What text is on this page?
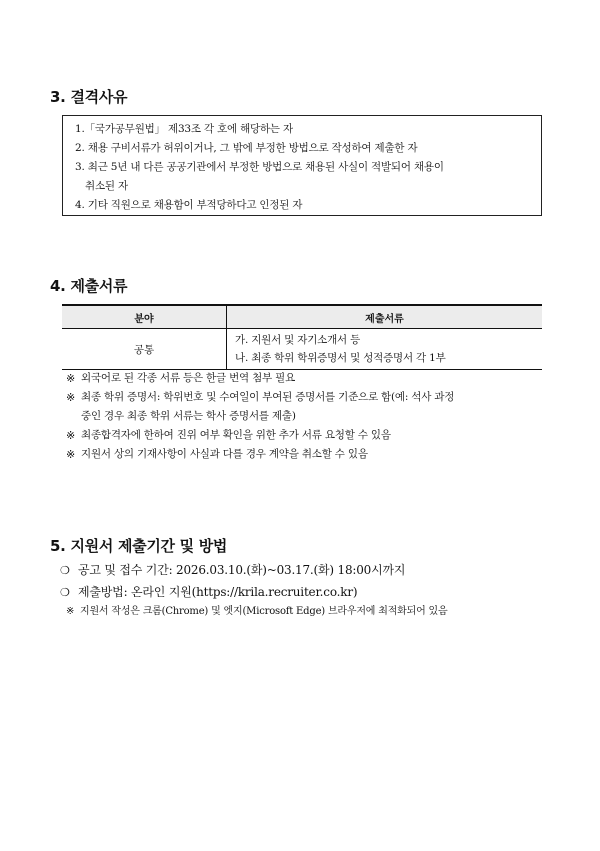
3. 결격사유
1.「국가공무원법」 제33조 각 호에 해당하는 자
2. 채용 구비서류가 허위이거나, 그 밖에 부정한 방법으로 작성하여 제출한 자
3. 최근 5년 내 다른 공공기관에서 부정한 방법으로 채용된 사실이 적발되어 채용이
취소된 자
4. 기타 직원으로 채용함이 부적당하다고 인정된 자
4. 제출서류
분야	제출서류
공통	가. 지원서 및 자기소개서 등
나. 최종 학위 학위증명서 및 성적증명서 각 1부
※ 외국어로 된 각종 서류 등은 한글 번역 첨부 필요
※ 최종 학위 증명서: 학위번호 및 수여일이 부여된 증명서를 기준으로 함(예: 석사 과정
중인 경우 최종 학위 서류는 학사 증명서를 제출)
※ 최종합격자에 한하여 진위 여부 확인을 위한 추가 서류 요청할 수 있음
※ 지원서 상의 기재사항이 사실과 다를 경우 계약을 취소할 수 있음
5. 지원서 제출기간 및 방법
❍ 공고 및 접수 기간: 2026.03.10.(화)~03.17.(화) 18:00시까지
❍ 제출방법: 온라인 지원(https://krila.recruiter.co.kr)
※ 지원서 작성은 크롬(Chrome) 및 엣지(Microsoft Edge) 브라우저에 최적화되어 있음
